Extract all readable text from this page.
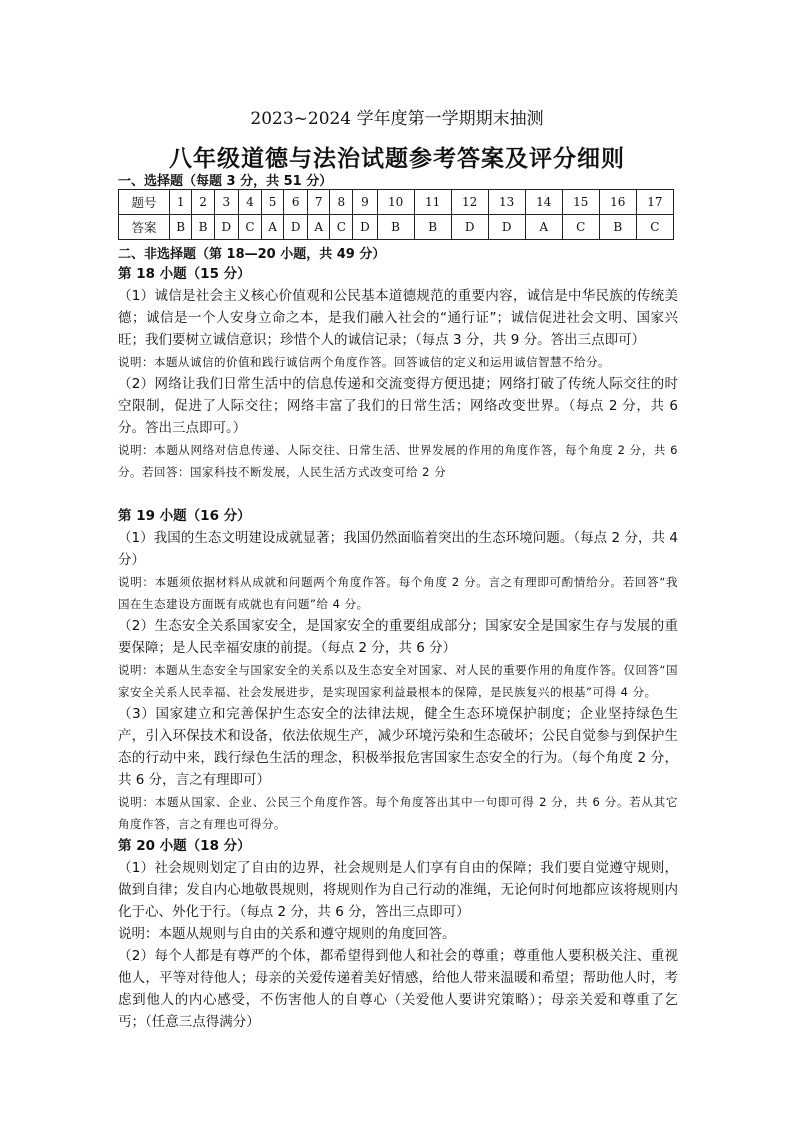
2023~2024 学年度第一学期期末抽测
八年级道德与法治试题参考答案及评分细则
一、选择题（每题 3 分，共 51 分）
题号	1	2	3	4	5	6	7	8	9	10	11	12	13	14	15	16	17
答案	B	B	D	C	A	D	A	C	D	B	B	D	D	A	C	B	C
二、非选择题（第 18—20 小题，共 49 分）

第 18 小题（15 分）

（1）诚信是社会主义核心价值观和公民基本道德规范的重要内容，诚信是中华民族的传统美德；诚信是一个人安身立命之本，是我们融入社会的“通行证”；诚信促进社会文明、国家兴旺；我们要树立诚信意识；珍惜个人的诚信记录；（每点 3 分，共 9 分。答出三点即可）

说明：本题从诚信的价值和践行诚信两个角度作答。回答诚信的定义和运用诚信智慧不给分。

（2）网络让我们日常生活中的信息传递和交流变得方便迅捷；网络打破了传统人际交往的时空限制，促进了人际交往；网络丰富了我们的日常生活；网络改变世界。（每点 2 分，共 6 分。答出三点即可。）

说明：本题从网络对信息传递、人际交往、日常生活、世界发展的作用的角度作答，每个角度 2 分，共 6 分。若回答：国家科技不断发展，人民生活方式改变可给 2 分

第 19 小题（16 分）

（1）我国的生态文明建设成就显著；我国仍然面临着突出的生态环境问题。（每点 2 分，共 4 分）

说明：本题须依据材料从成就和问题两个角度作答。每个角度 2 分。言之有理即可酌情给分。若回答“我国在生态建设方面既有成就也有问题”给 4 分。

（2）生态安全关系国家安全，是国家安全的重要组成部分；国家安全是国家生存与发展的重要保障；是人民幸福安康的前提。（每点 2 分，共 6 分）

说明：本题从生态安全与国家安全的关系以及生态安全对国家、对人民的重要作用的角度作答。仅回答“国家安全关系人民幸福、社会发展进步，是实现国家利益最根本的保障，是民族复兴的根基”可得 4 分。

（3）国家建立和完善保护生态安全的法律法规，健全生态环境保护制度；企业坚持绿色生产，引入环保技术和设备，依法依规生产，减少环境污染和生态破坏；公民自觉参与到保护生态的行动中来，践行绿色生活的理念，积极举报危害国家生态安全的行为。（每个角度 2 分，共 6 分，言之有理即可）

说明：本题从国家、企业、公民三个角度作答。每个角度答出其中一句即可得 2 分，共 6 分。若从其它角度作答，言之有理也可得分。

第 20 小题（18 分）

（1）社会规则划定了自由的边界，社会规则是人们享有自由的保障；我们要自觉遵守规则，做到自律；发自内心地敬畏规则，将规则作为自己行动的准绳，无论何时何地都应该将规则内化于心、外化于行。（每点 2 分，共 6 分，答出三点即可）

说明：本题从规则与自由的关系和遵守规则的角度回答。

（2）每个人都是有尊严的个体，都希望得到他人和社会的尊重；尊重他人要积极关注、重视他人，平等对待他人；母亲的关爱传递着美好情感，给他人带来温暖和希望；帮助他人时，考虑到他人的内心感受，不伤害他人的自尊心（关爱他人要讲究策略）；母亲关爱和尊重了乞丐；（任意三点得满分）
